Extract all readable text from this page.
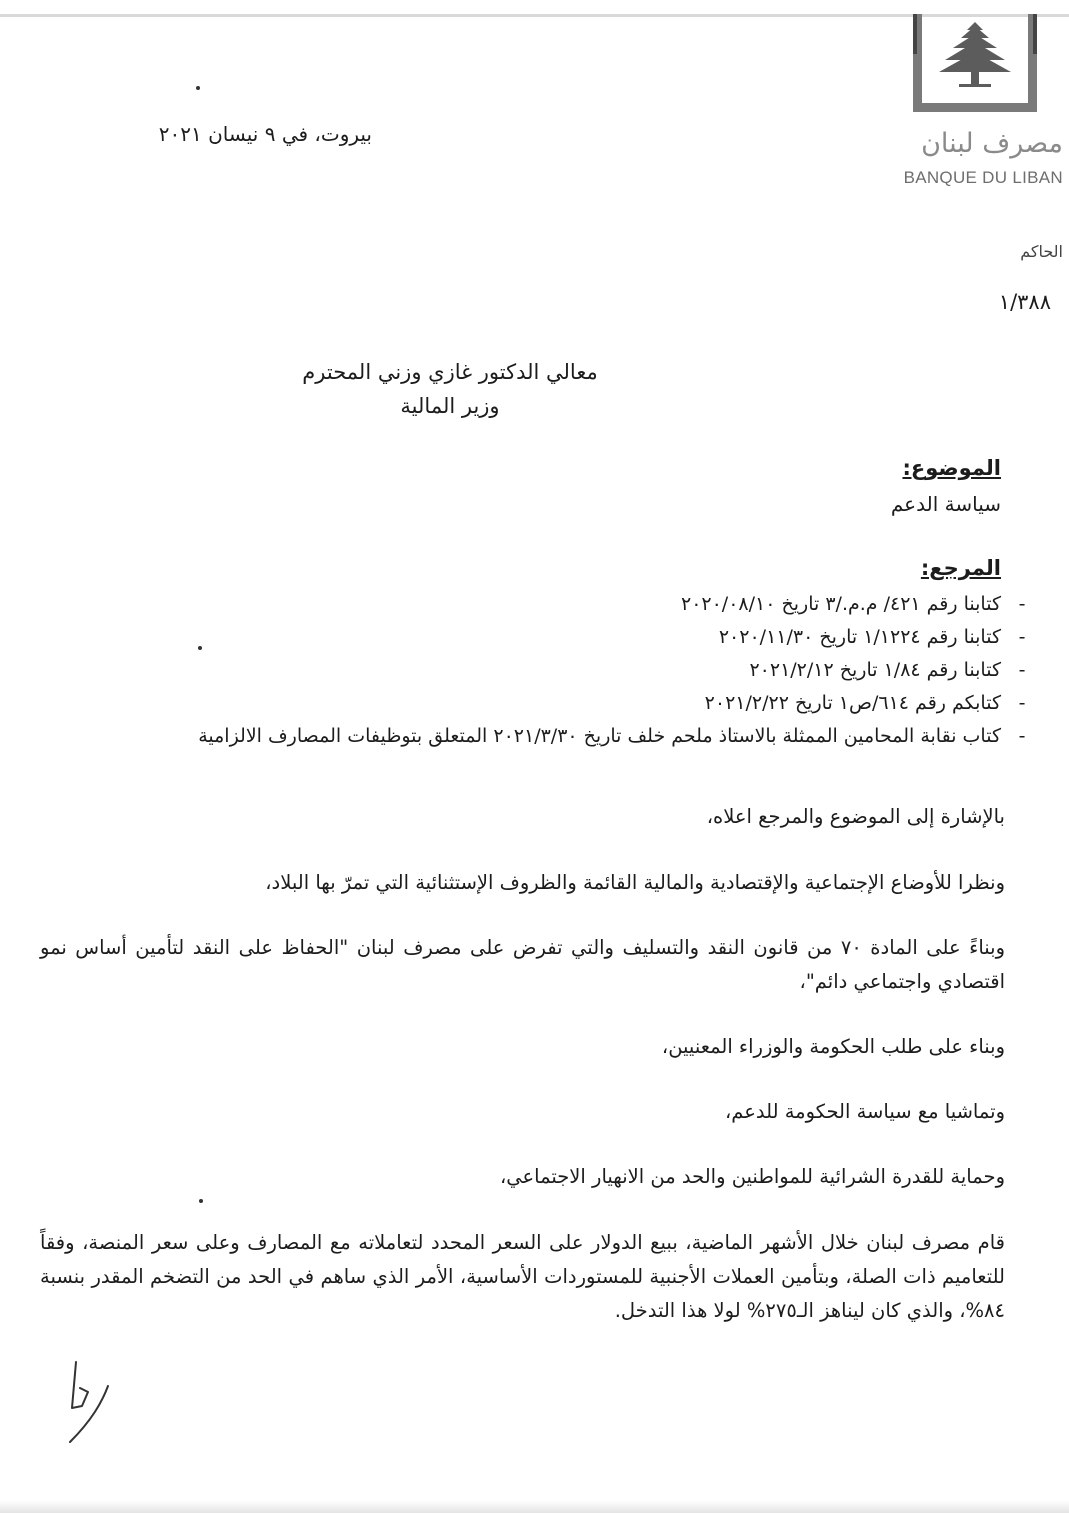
مصرف لبنان
BANQUE DU LIBAN
بيروت، في ٩ نيسان ٢٠٢١
الحاكم
١/٣٨٨
معالي الدكتور غازي وزني المحترم
وزير المالية
الموضوع:
سياسة الدعم
المرجع:
-كتابنا رقم ٤٢١/ م.م./٣ تاريخ ٢٠٢٠/٠٨/١٠
-كتابنا رقم ١/١٢٢٤ تاريخ ٢٠٢٠/١١/٣٠
-كتابنا رقم ١/٨٤ تاريخ ٢٠٢١/٢/١٢
-كتابكم رقم ٦١٤/ص١ تاريخ ٢٠٢١/٢/٢٢
-كتاب نقابة المحامين الممثلة بالاستاذ ملحم خلف تاريخ ٢٠٢١/٣/٣٠ المتعلق بتوظيفات المصارف الالزامية

بالإشارة إلى الموضوع والمرجع اعلاه،

ونظرا للأوضاع الإجتماعية والإقتصادية والمالية القائمة والظروف الإستثنائية التي تمرّ بها البلاد،

وبناءً على المادة ٧٠ من قانون النقد والتسليف والتي تفرض على مصرف لبنان "الحفاظ على النقد لتأمين أساس نمو اقتصادي واجتماعي دائم"،

وبناء على طلب الحكومة والوزراء المعنيين،

وتماشيا مع سياسة الحكومة للدعم،

وحماية للقدرة الشرائية للمواطنين والحد من الانهيار الاجتماعي،

قام مصرف لبنان خلال الأشهر الماضية، ببيع الدولار على السعر المحدد لتعاملاته مع المصارف وعلى سعر المنصة، وفقاً للتعاميم ذات الصلة، وبتأمين العملات الأجنبية للمستوردات الأساسية، الأمر الذي ساهم في الحد من التضخم المقدر بنسبة ٨٤%، والذي كان ليناهز الـ٢٧٥% لولا هذا التدخل.
